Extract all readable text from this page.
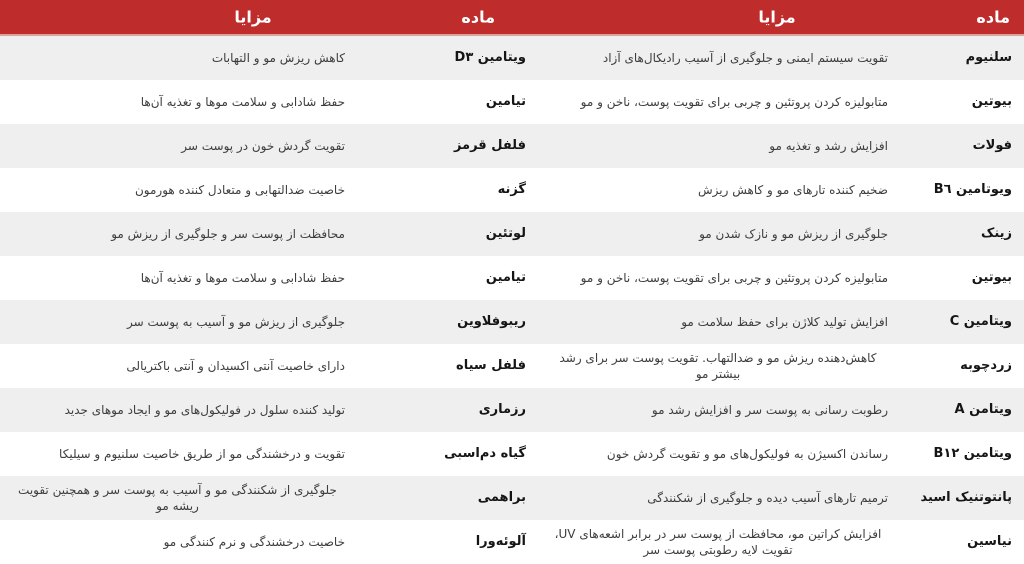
ماده
مزایا
ماده
مزایا
سلنیوم
تقویت سیستم ایمنی و جلوگیری از آسیب رادیکال‌های آزاد
ویتامین D۳
کاهش ریزش مو و التهابات
بیوتین
متابولیزه کردن پروتئین و چربی برای تقویت پوست، ناخن و مو
تیامین
حفظ شادابی و سلامت موها و تغذیه آن‌ها
فولات
افزایش رشد و تغذیه مو
فلفل قرمز
تقویت گردش خون در پوست سر
ویوتامین B٦
ضخیم کننده تارهای مو و کاهش ریزش
گزنه
خاصیت ضدالتهابی و متعادل کننده هورمون
زینک
جلوگیری از ریزش مو و نازک شدن مو
لوتئین
محافظت از پوست سر و جلوگیری از ریزش مو
بیوتین
متابولیزه کردن پروتئین و چربی برای تقویت پوست، ناخن و مو
تیامین
حفظ شادابی و سلامت موها و تغذیه آن‌ها
ویتامین C
افزایش تولید کلاژن برای حفظ سلامت مو
ریبوفلاوین
جلوگیری از ریزش مو و آسیب به پوست سر
زردچوبه
کاهش‌دهنده ریزش مو و ضدالتهاب. تقویت پوست سر برای رشد بیشتر مو
فلفل سیاه
دارای خاصیت آنتی اکسیدان و آنتی باکتریالی
ویتامن A
رطوبت رسانی به پوست سر و افزایش رشد مو
رزماری
تولید کننده سلول در فولیکول‌های مو و ایجاد موهای جدید
ویتامین B۱۲
رساندن اکسیژن به فولیکول‌های مو و تقویت گردش خون
گیاه دم‌اسبی
تقویت و درخشندگی مو از طریق خاصیت سلنیوم و سیلیکا
پانتوتنیک اسید
ترمیم تارهای آسیب دیده و جلوگیری از شکنندگی
براهمی
جلوگیری از شکنندگی مو و آسیب به پوست سر و همچنین تقویت ریشه مو
نیاسین
افزایش کراتین مو، محافظت از پوست سر در برابر اشعه‌های UV، تقویت لایه رطوبتی پوست سر
آلوئه‌ورا
خاصیت درخشندگی و نرم کنندگی مو
